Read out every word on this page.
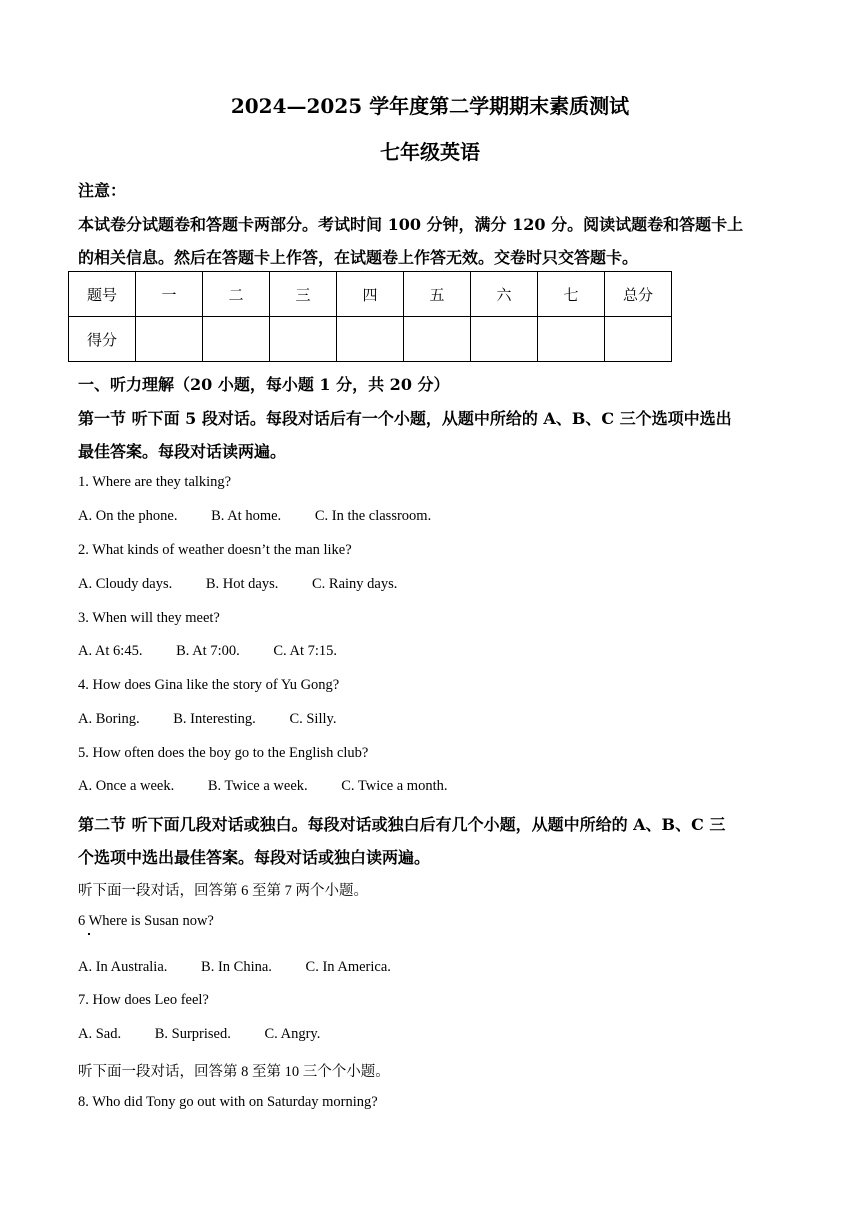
2024—2025 学年度第二学期期末素质测试
七年级英语
注意：
本试卷分试题卷和答题卡两部分。考试时间 100 分钟，满分 120 分。阅读试题卷和答题卡上
的相关信息。然后在答题卡上作答，在试题卷上作答无效。交卷时只交答题卡。
题号	一	二	三	四	五	六	七	总分
得分								
一、听力理解（20 小题，每小题 1 分，共 20 分）
第一节 听下面 5 段对话。每段对话后有一个小题，从题中所给的 A、B、C 三个选项中选出
最佳答案。每段对话读两遍。
1. Where are they talking?
A. On the phone. B. At home. C. In the classroom.
2. What kinds of weather doesn’t the man like?
A. Cloudy days. B. Hot days. C. Rainy days.
3. When will they meet?
A. At 6:45. B. At 7:00. C. At 7:15.
4. How does Gina like the story of Yu Gong?
A. Boring. B. Interesting. C. Silly.
5. How often does the boy go to the English club?
A. Once a week. B. Twice a week. C. Twice a month.
第二节 听下面几段对话或独白。每段对话或独白后有几个小题，从题中所给的 A、B、C 三
个选项中选出最佳答案。每段对话或独白读两遍。
听下面一段对话，回答第 6 至第 7 两个小题。
6 Where is Susan now?
A. In Australia. B. In China. C. In America.
7. How does Leo feel?
A. Sad. B. Surprised. C. Angry.
听下面一段对话，回答第 8 至第 10 三个个小题。
8. Who did Tony go out with on Saturday morning?
